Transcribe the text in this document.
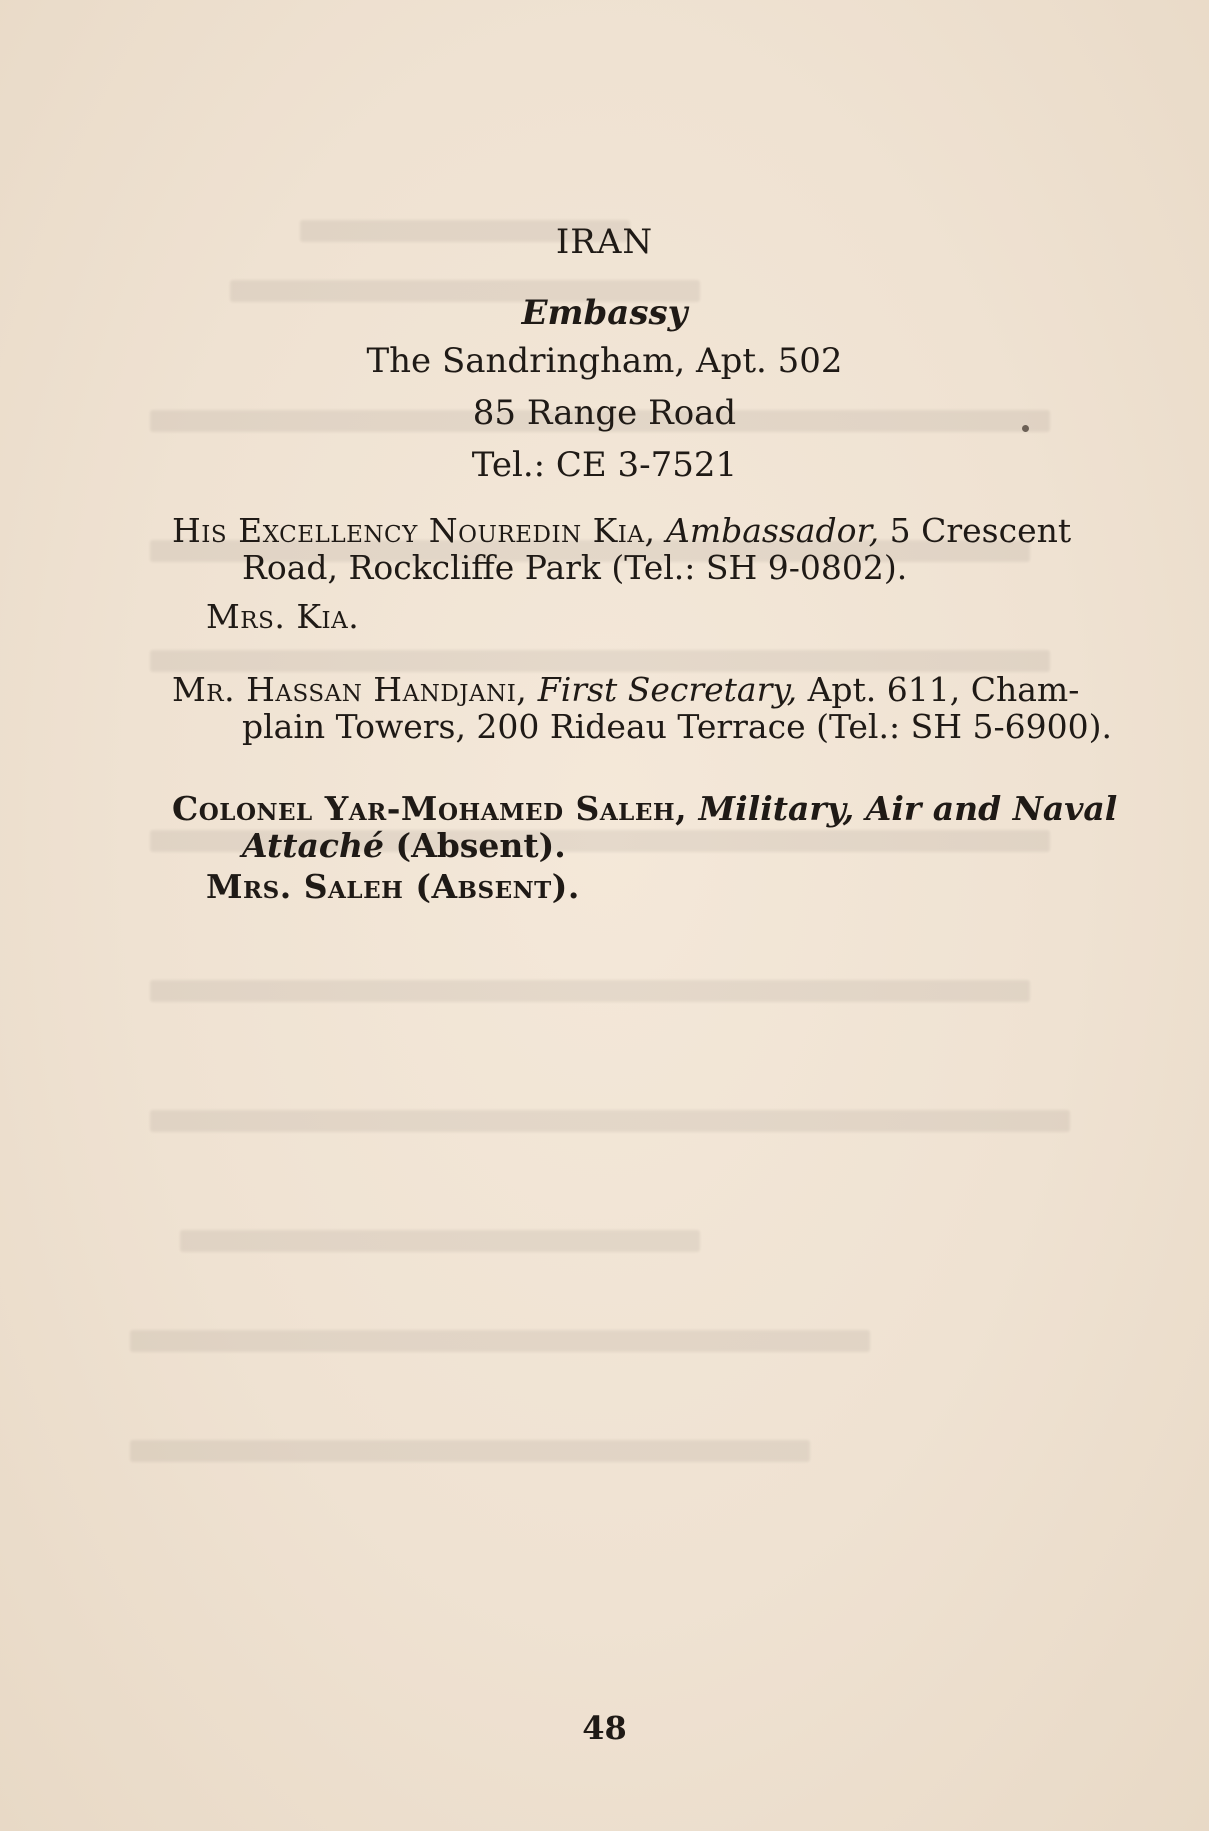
IRAN
Embassy
The Sandringham, Apt. 502
85 Range Road
Tel.: CE 3-7521
His Excellency Nouredin Kia, Ambassador, 5 Crescent
Road, Rockcliffe Park (Tel.: SH 9-0802).
Mrs. Kia.
Mr. Hassan Handjani, First Secretary, Apt. 611, Cham-
plain Towers, 200 Rideau Terrace (Tel.: SH 5-6900).
Colonel Yar-Mohamed Saleh, Military, Air and Naval
Attaché (Absent).
Mrs. Saleh (Absent).
48
